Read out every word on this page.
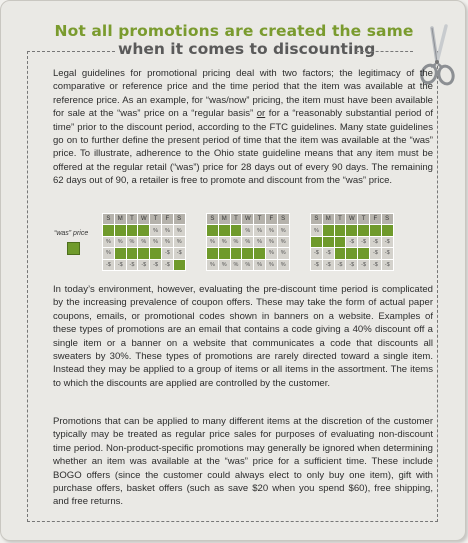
Not all promotions are created the same
when it comes to discounting
Legal guidelines for promotional pricing deal with two factors; the legitimacy of the comparative or reference price and the time period that the item was available at the reference price. As an example, for “was/now” pricing, the item must have been available for sale at the “was” price on a “regular basis” or for a “reasonably substantial period of time” prior to the discount period, according to the FTC guidelines. Many state guidelines go on to further define the present period of time that the item was available at the “was” price. To illustrate, adherence to the Ohio state guideline means that any item must be offered at the regular retail (“was”) price for 28 days out of every 90 days. The remaining 62 days out of 90, a retailer is free to promote and discount from the “was” price.
“was” price
S	M	T	W	T	F	S
				%	%	%
%	%	%	%	%	%	%
%					-$	-$
-$	-$	-$	-$	-$	-$	
S	M	T	W	T	F	S
			%	%	%	%
%	%	%	%	%	%	%
					%	%
%	%	%	%	%	%	%
S	M	T	W	T	F	S
%						
			-$	-$	-$	-$
-$	-$				-$	-$
-$	-$	-$	-$	-$	-$	-$
In today’s environment, however, evaluating the pre-discount time period is complicated by the increasing prevalence of coupon offers. These may take the form of actual paper coupons, emails, or promotional codes shown in banners on a website. Examples of these types of promotions are an email that contains a code giving a 40% discount off a single item or a banner on a website that communicates a code that discounts all sweaters by 30%. These types of promotions are rarely directed toward a single item. Instead they may be applied to a group of items or all items in the assortment. The items to which the discounts are applied are controlled by the customer.
Promotions that can be applied to many different items at the discretion of the customer typically may be treated as regular price sales for purposes of evaluating non-discount time period. Non-product-specific promotions may generally be ignored when determining whether an item was available at the “was” price for a sufficient time. These include BOGO offers (since the customer could always elect to only buy one item), gift with purchase offers, basket offers (such as save $20 when you spend $60), free shipping, and free returns.
